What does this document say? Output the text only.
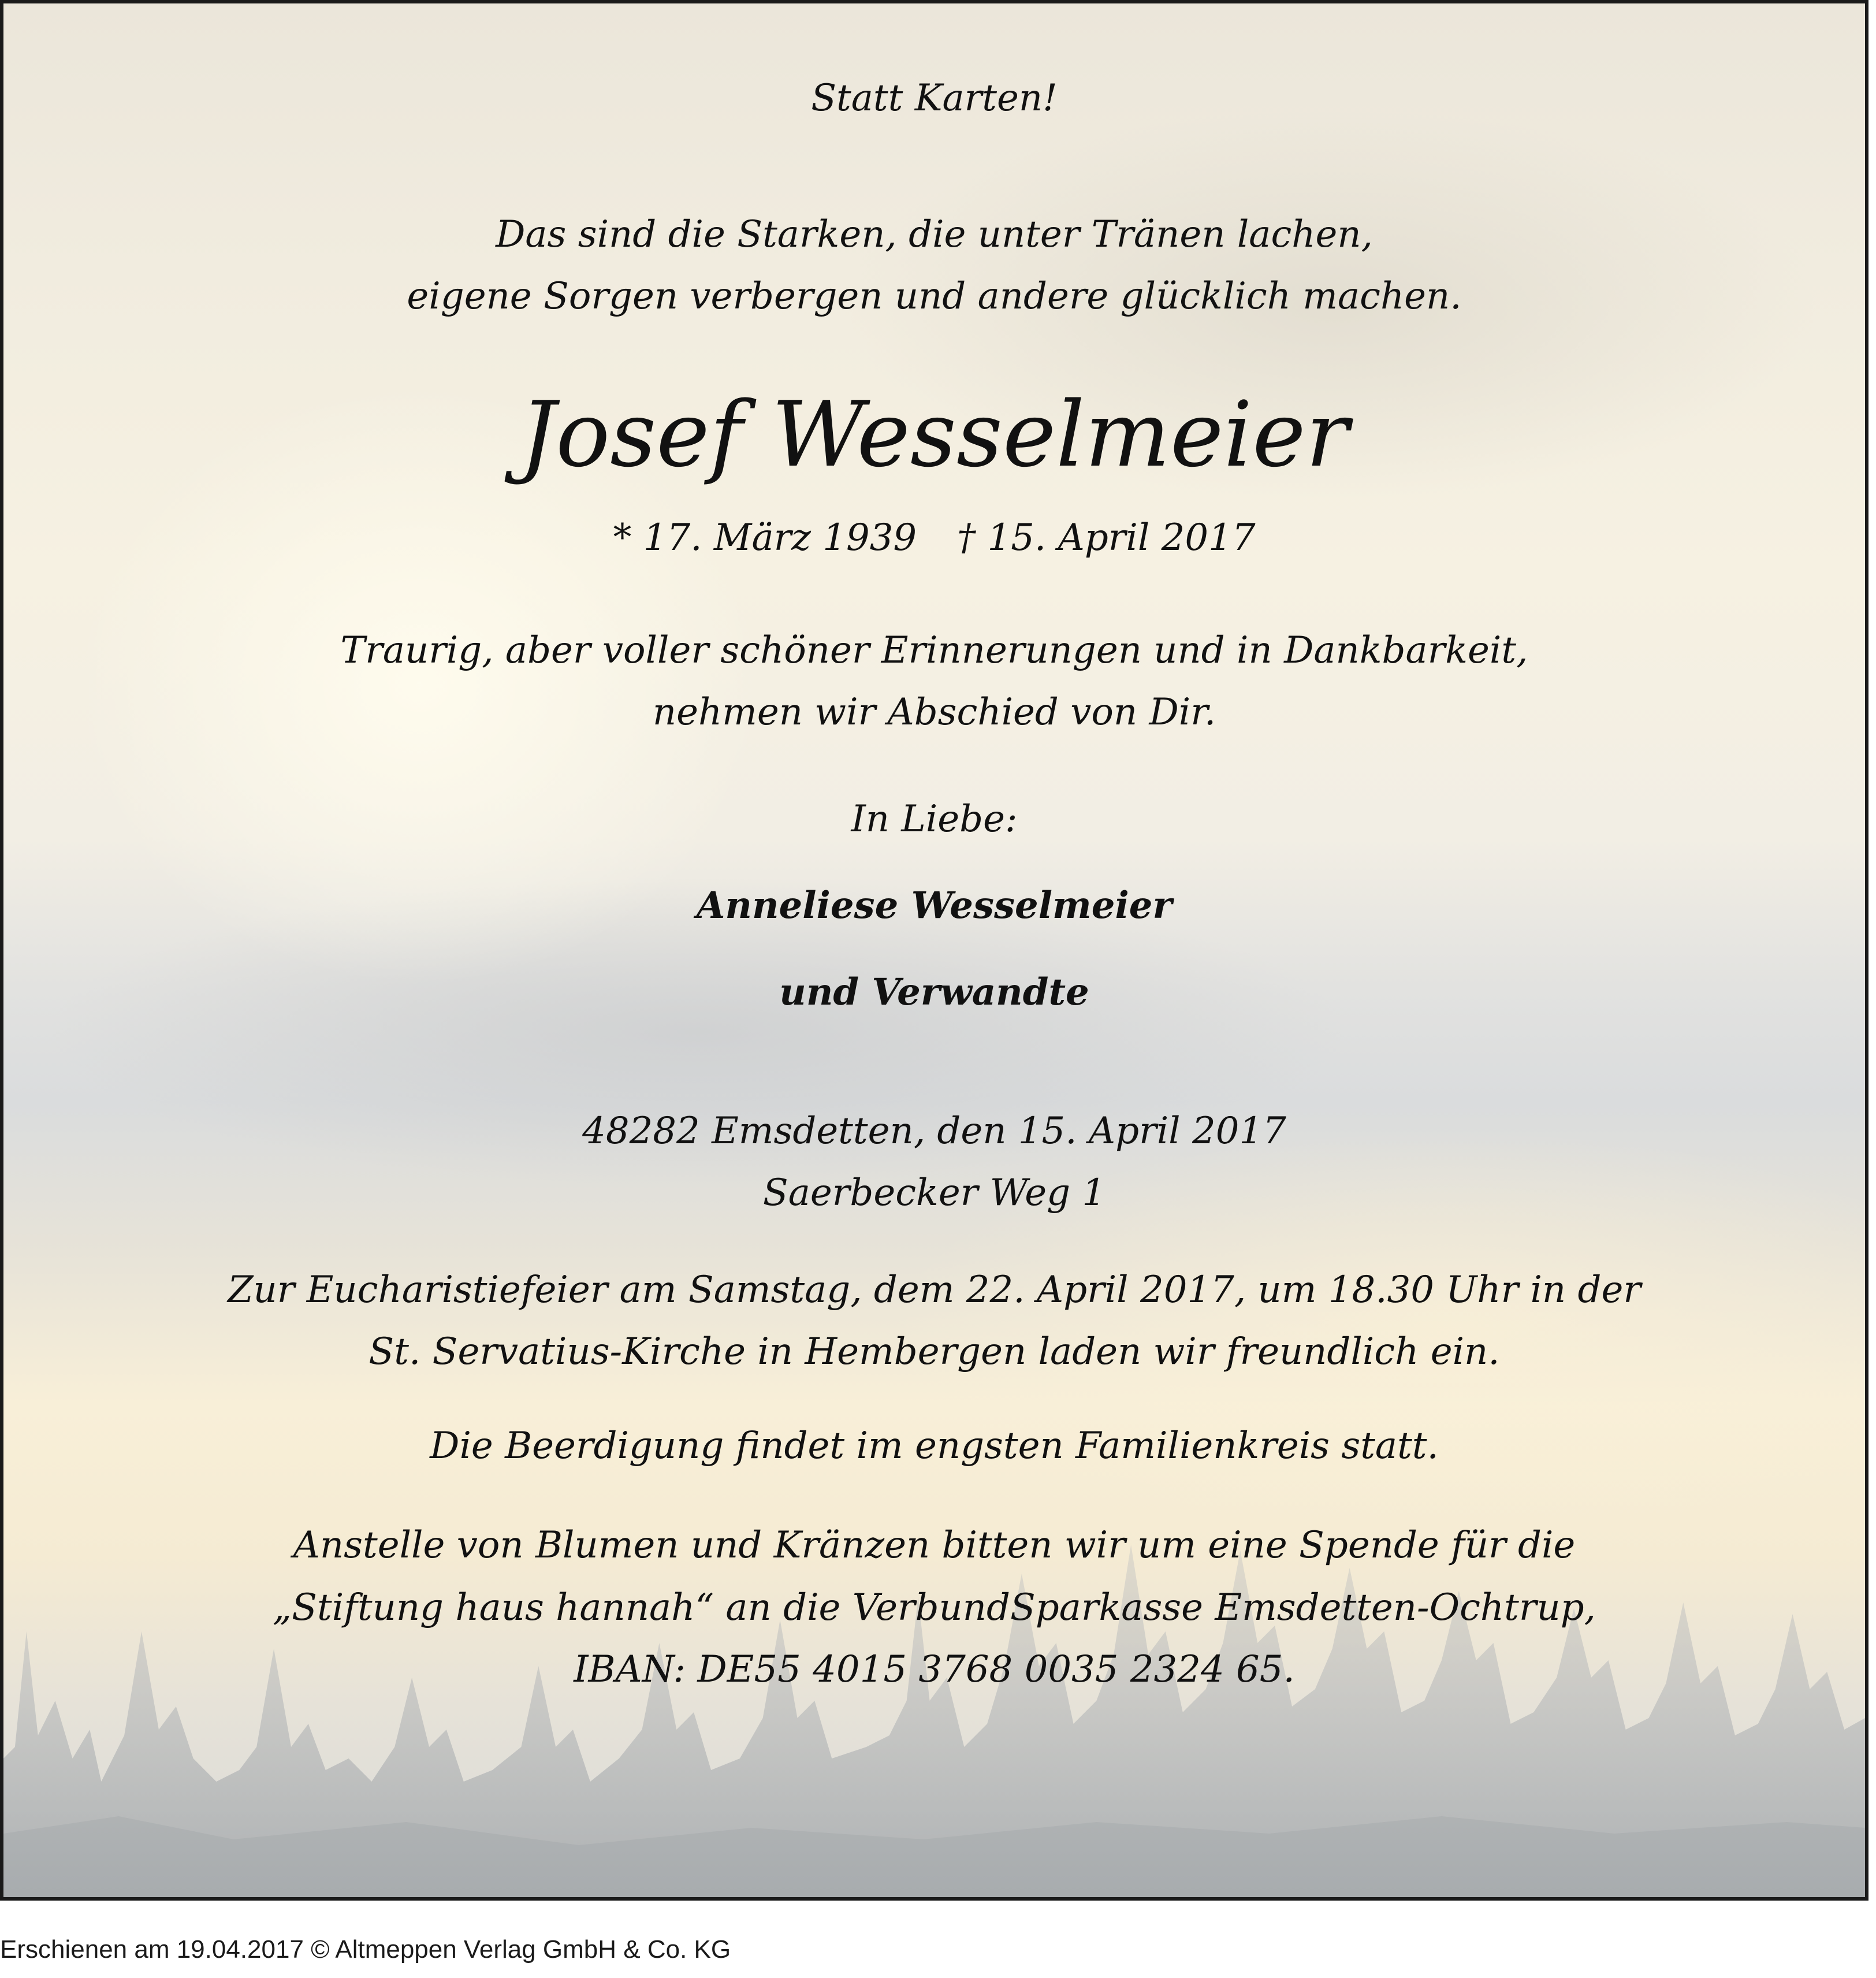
Statt Karten!
Das sind die Starken, die unter Tränen lachen,
eigene Sorgen verbergen und andere glücklich machen.
Josef Wesselmeier
* 17. März 1939 † 15. April 2017
Traurig, aber voller schöner Erinnerungen und in Dankbarkeit,
nehmen wir Abschied von Dir.
In Liebe:
Anneliese Wesselmeier
und Verwandte
48282 Emsdetten, den 15. April 2017
Saerbecker Weg 1
Zur Eucharistiefeier am Samstag, dem 22. April 2017, um 18.30 Uhr in der
St. Servatius-Kirche in Hembergen laden wir freundlich ein.
Die Beerdigung findet im engsten Familienkreis statt.
Anstelle von Blumen und Kränzen bitten wir um eine Spende für die
„Stiftung haus hannah“ an die VerbundSparkasse Emsdetten-Ochtrup,
IBAN: DE55 4015 3768 0035 2324 65.
Erschienen am 19.04.2017 © Altmeppen Verlag GmbH & Co. KG
